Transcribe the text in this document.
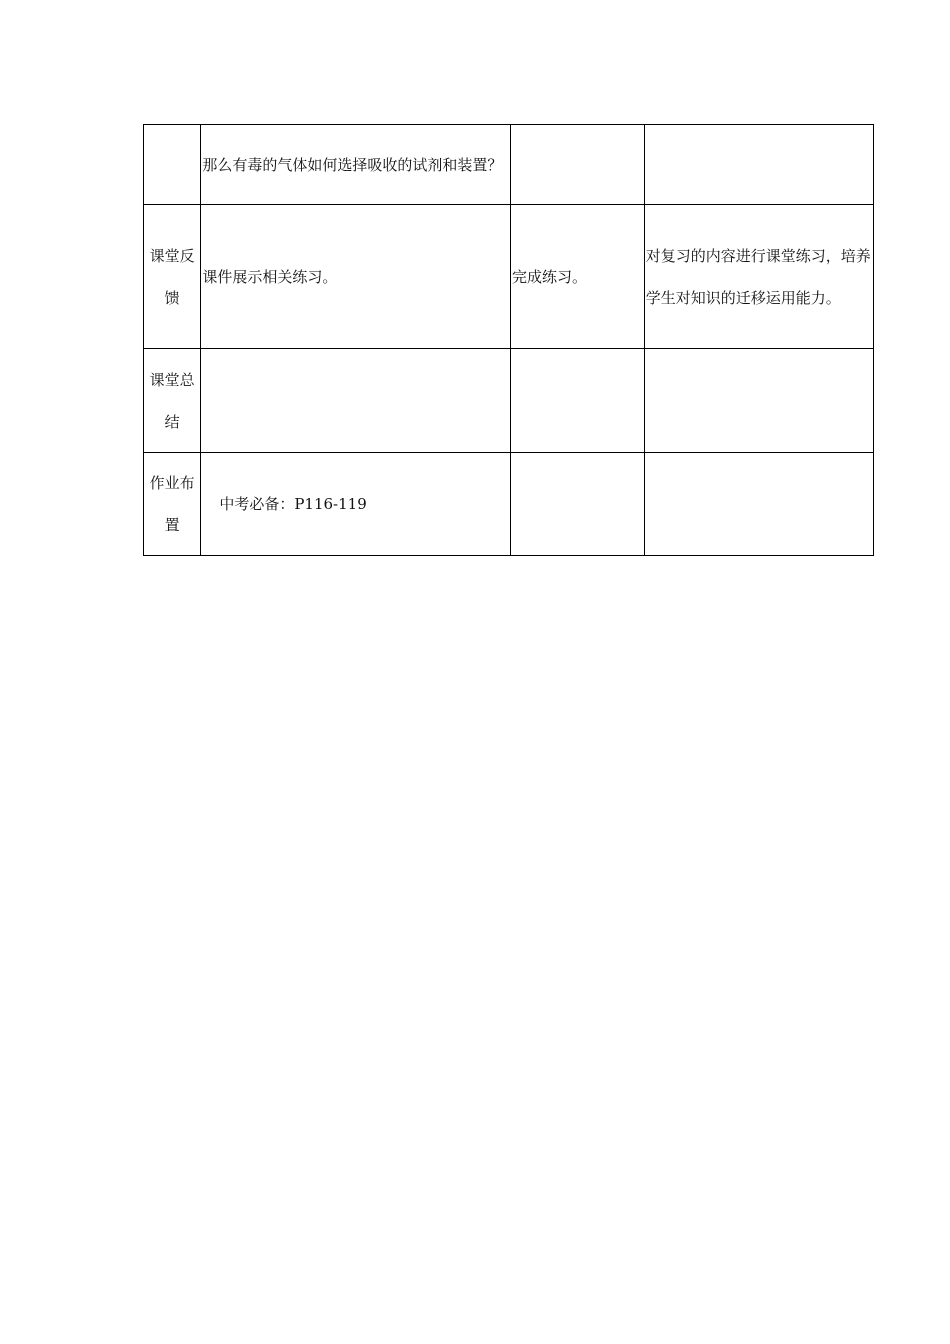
	那么有毒的气体如何选择吸收的试剂和装置？		

课堂反馈	课件展示相关练习。	完成练习。	对复习的内容进行课堂练习，培养学生对知识的迁移运用能力。

课堂总结	

作业布置	中考必备：P116-119		
